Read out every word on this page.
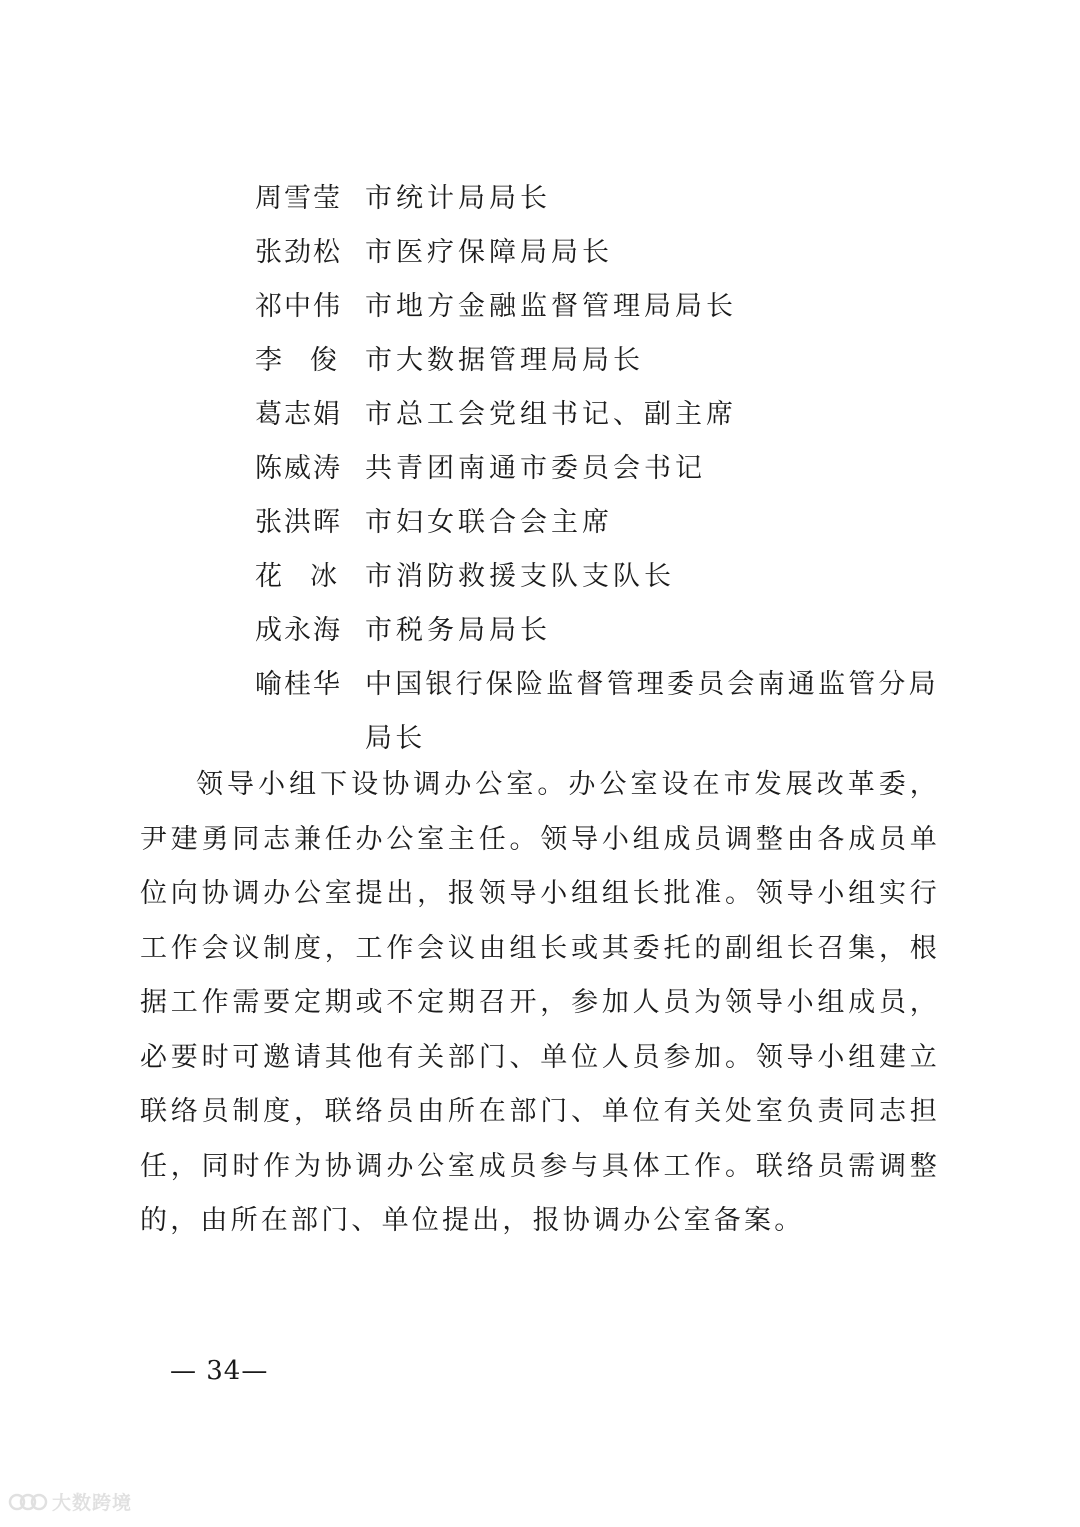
周雪莹 市统计局局长
张劲松 市医疗保障局局长
祁中伟 市地方金融监督管理局局长
李 俊 市大数据管理局局长
葛志娟 市总工会党组书记、副主席
陈威涛 共青团南通市委员会书记
张洪晖 市妇女联合会主席
花 冰 市消防救援支队支队长
成永海 市税务局局长
喻桂华 中国银行保险监督管理委员会南通监管分局局长

领导小组下设协调办公室。办公室设在市发展改革委，尹建勇同志兼任办公室主任。领导小组成员调整由各成员单位向协调办公室提出，报领导小组组长批准。领导小组实行工作会议制度，工作会议由组长或其委托的副组长召集，根据工作需要定期或不定期召开，参加人员为领导小组成员，必要时可邀请其他有关部门、单位人员参加。领导小组建立联络员制度，联络员由所在部门、单位有关处室负责同志担任，同时作为协调办公室成员参与具体工作。联络员需调整的，由所在部门、单位提出，报协调办公室备案。

— 34—
大数跨境
